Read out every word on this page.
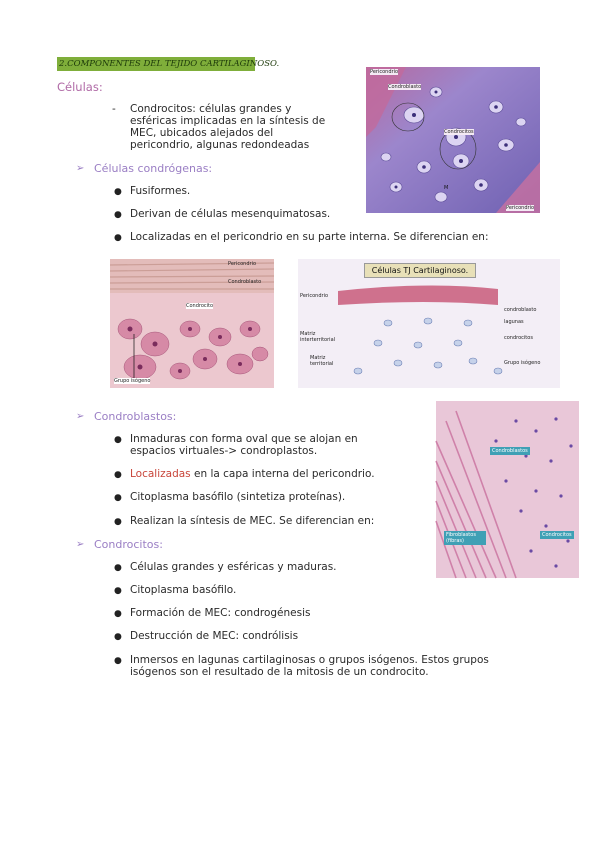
2.COMPONENTES DEL TEJIDO CARTILAGINOSO.
Células:
- Condrocitos: células grandes y
esféricas implicadas en la síntesis de
MEC, ubicados alejados del
pericondrio, algunas redondeadas
➢ Células condrógenas:
● Fusiformes.
● Derivan de células mesenquimatosas.
● Localizadas en el pericondrio en su parte interna. Se diferencian en:
Pericondrio
Condroblasto
Condrocitos
M
Pericondrio
Pericondrio
Condroblasto
Condrocito
Grupo isógeno
Células TJ Cartilaginoso.
Pericondrio
condroblasto
lagunas
Matriz interterritorial	condrocitos
Matriz territorial	Grupo isógeno
➢ Condroblastos:
● Inmaduras con forma oval que se alojan en
espacios virtuales-> condroplastos.
● Localizadas en la capa interna del pericondrio.
● Citoplasma basófilo (sintetiza proteínas).
● Realizan la síntesis de MEC. Se diferencian en:
Condroblastos
Fibroblastos (fibras)
Condrocitos
➢ Condrocitos:
● Células grandes y esféricas y maduras.
● Citoplasma basófilo.
● Formación de MEC: condrogénesis
● Destrucción de MEC: condrólisis
● Inmersos en lagunas cartilaginosas o grupos isógenos. Estos grupos
isógenos son el resultado de la mitosis de un condrocito.
